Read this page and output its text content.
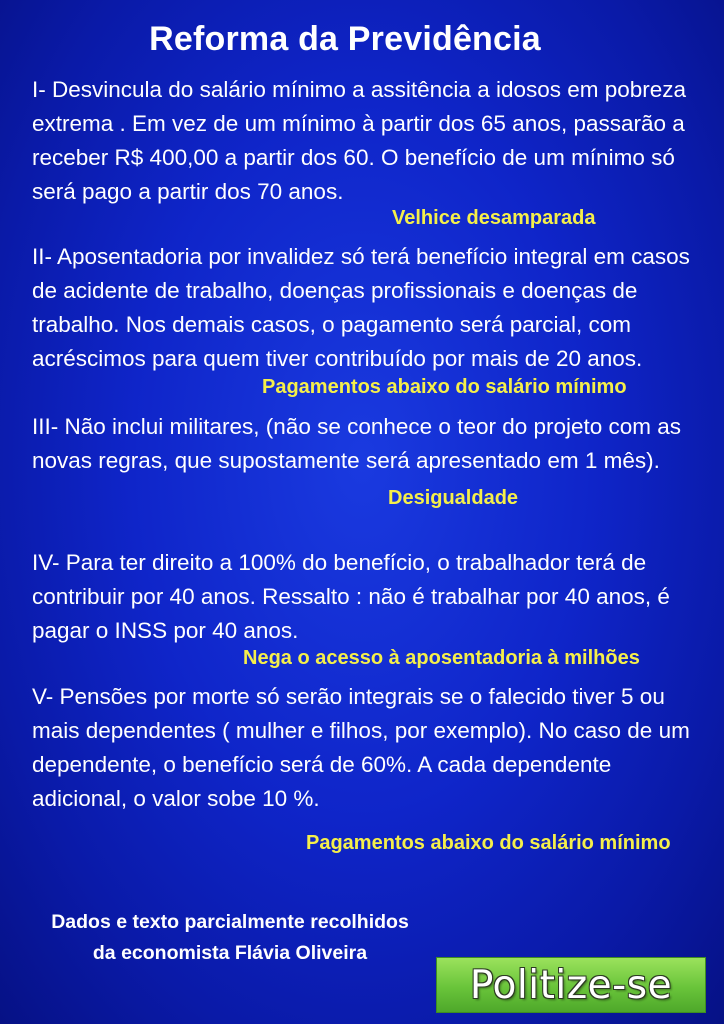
Reforma da Previdência

I- Desvincula do salário mínimo a assitência a idosos em pobreza extrema . Em vez de um mínimo à partir dos 65 anos, passarão a receber R$ 400,00 a partir dos 60. O benefício de um mínimo só será pago a partir dos 70 anos.

Velhice desamparada

II- Aposentadoria por invalidez só terá benefício integral em casos de acidente de trabalho, doenças profissionais e doenças de trabalho. Nos demais casos, o pagamento será parcial, com acréscimos para quem tiver contribuído por mais de 20 anos.

Pagamentos abaixo do salário mínimo

III- Não inclui militares, (não se conhece o teor do projeto com as novas regras, que supostamente será apresentado em 1 mês).

Desigualdade

IV- Para ter direito a 100% do benefício, o trabalhador terá de contribuir por 40 anos. Ressalto : não é trabalhar por 40 anos, é pagar o INSS por 40 anos.

Nega o acesso à aposentadoria à milhões

V- Pensões por morte só serão integrais se o falecido tiver 5 ou mais dependentes ( mulher e filhos, por exemplo). No caso de um dependente, o benefício será de 60%. A cada dependente adicional, o valor sobe 10 %.

Pagamentos abaixo do salário mínimo
Dados e texto parcialmente recolhidos da economista Flávia Oliveira
Politize-se
